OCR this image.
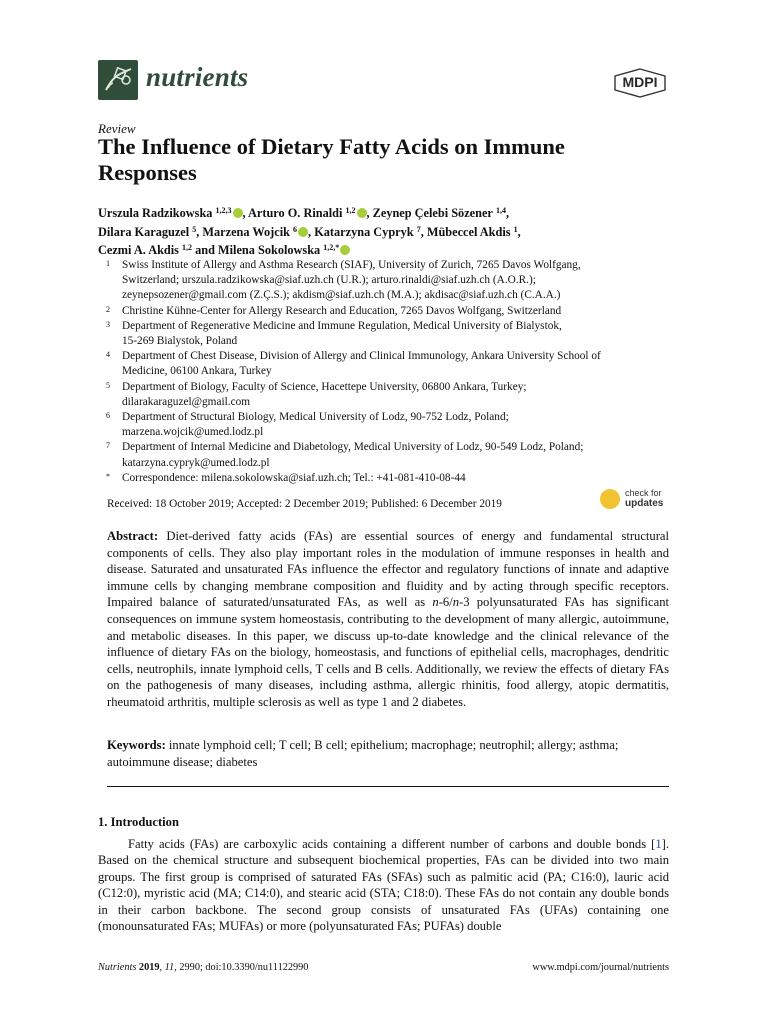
nutrients	MDPI
Review
The Influence of Dietary Fatty Acids on Immune Responses
Urszula Radzikowska $^{1,2,3}$ , Arturo O. Rinaldi $^{1,2}$ , Zeynep Çelebi Sözener $^{1,4}$,
Dilara Karaguzel $^5$, Marzena Wojcik $^6$ , Katarzyna Cypryk $^7$, Mübeccel Akdis $^1$,
Cezmi A. Akdis $^{1,2}$ and Milena Sokolowska $^{1,2,*}$
1	Swiss Institute of Allergy and Asthma Research (SIAF), University of Zurich, 7265 Davos Wolfgang,
Switzerland; urszula.radzikowska@siaf.uzh.ch (U.R.); arturo.rinaldi@siaf.uzh.ch (A.O.R.);
zeynepsozener@gmail.com (Z.Ç.S.); akdism@siaf.uzh.ch (M.A.); akdisac@siaf.uzh.ch (C.A.A.)
2	Christine Kühne-Center for Allergy Research and Education, 7265 Davos Wolfgang, Switzerland
3	Department of Regenerative Medicine and Immune Regulation, Medical University of Bialystok,
15-269 Bialystok, Poland
4	Department of Chest Disease, Division of Allergy and Clinical Immunology, Ankara University School of
Medicine, 06100 Ankara, Turkey
5	Department of Biology, Faculty of Science, Hacettepe University, 06800 Ankara, Turkey;
dilarakaraguzel@gmail.com
6	Department of Structural Biology, Medical University of Lodz, 90-752 Lodz, Poland;
marzena.wojcik@umed.lodz.pl
7	Department of Internal Medicine and Diabetology, Medical University of Lodz, 90-549 Lodz, Poland;
katarzyna.cypryk@umed.lodz.pl
*	Correspondence: milena.sokolowska@siaf.uzh.ch; Tel.: +41-081-410-08-44
Received: 18 October 2019; Accepted: 2 December 2019; Published: 6 December 2019
check for
updates
Abstract: Diet-derived fatty acids (FAs) are essential sources of energy and fundamental structural components of cells. They also play important roles in the modulation of immune responses in health and disease. Saturated and unsaturated FAs influence the effector and regulatory functions of innate and adaptive immune cells by changing membrane composition and fluidity and by acting through specific receptors. Impaired balance of saturated/unsaturated FAs, as well as n-6/n-3 polyunsaturated FAs has significant consequences on immune system homeostasis, contributing to the development of many allergic, autoimmune, and metabolic diseases. In this paper, we discuss up-to-date knowledge and the clinical relevance of the influence of dietary FAs on the biology, homeostasis, and functions of epithelial cells, macrophages, dendritic cells, neutrophils, innate lymphoid cells, T cells and B cells. Additionally, we review the effects of dietary FAs on the pathogenesis of many diseases, including asthma, allergic rhinitis, food allergy, atopic dermatitis, rheumatoid arthritis, multiple sclerosis as well as type 1 and 2 diabetes.
Keywords: innate lymphoid cell; T cell; B cell; epithelium; macrophage; neutrophil; allergy; asthma; autoimmune disease; diabetes
1. Introduction

Fatty acids (FAs) are carboxylic acids containing a different number of carbons and double bonds [1]. Based on the chemical structure and subsequent biochemical properties, FAs can be divided into two main groups. The first group is comprised of saturated FAs (SFAs) such as palmitic acid (PA; C16:0), lauric acid (C12:0), myristic acid (MA; C14:0), and stearic acid (STA; C18:0). These FAs do not contain any double bonds in their carbon backbone. The second group consists of unsaturated FAs (UFAs) containing one (monounsaturated FAs; MUFAs) or more (polyunsaturated FAs; PUFAs) double

Nutrients 2019, 11, 2990; doi:10.3390/nu11122990	www.mdpi.com/journal/nutrients
